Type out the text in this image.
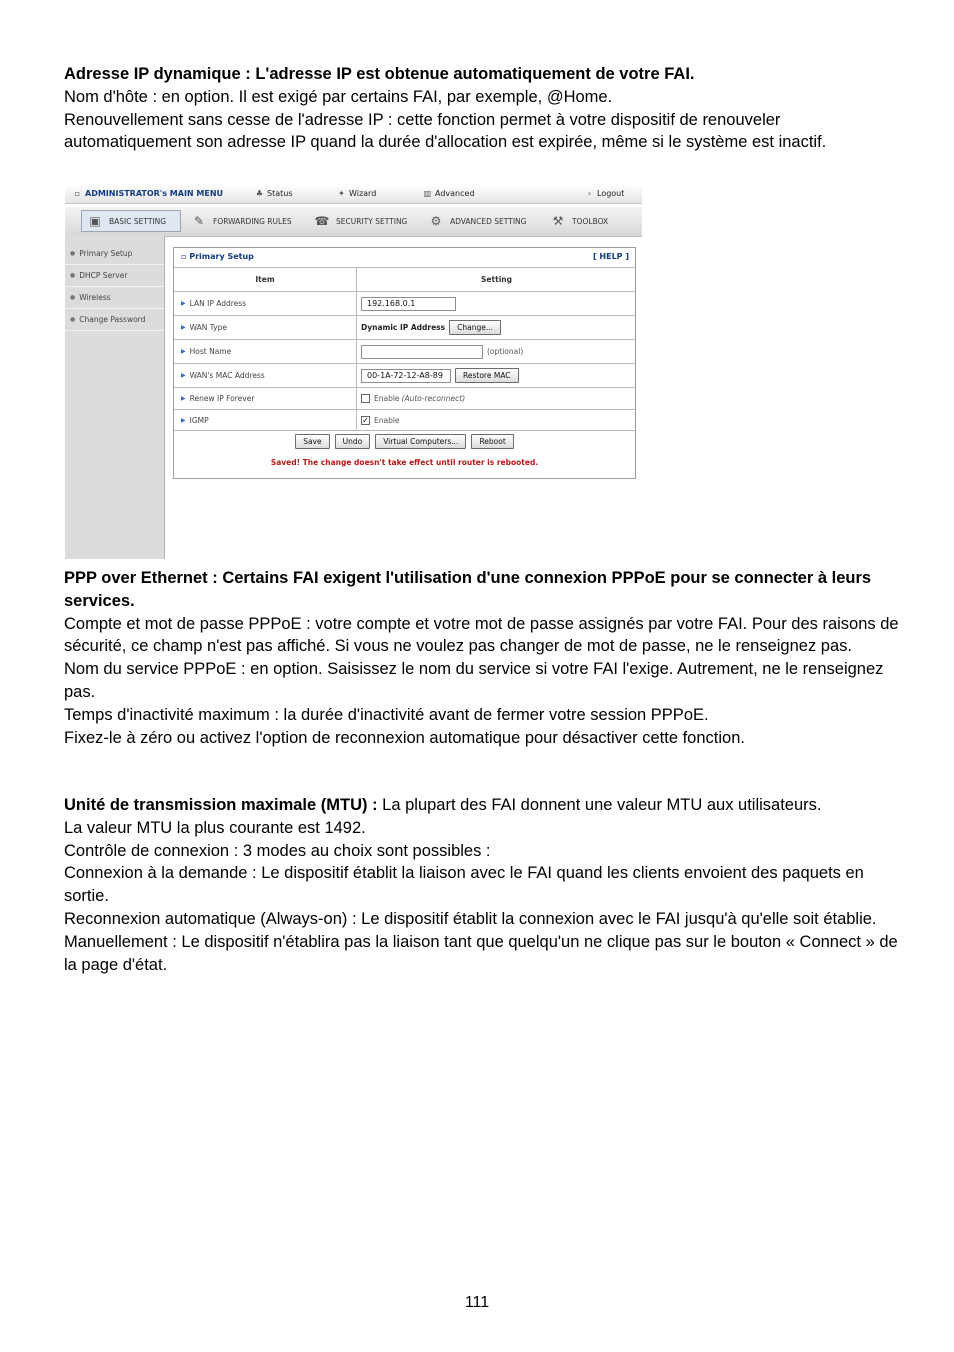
Adresse IP dynamique : L'adresse IP est obtenue automatiquement de votre FAI.

Nom d'hôte : en option. Il est exigé par certains FAI, par exemple, @Home.

Renouvellement sans cesse de l'adresse IP : cette fonction permet à votre dispositif de renouveler automatiquement son adresse IP quand la durée d'allocation est expirée, même si le système est inactif.

▫ ADMINISTRATOR's MAIN MENU	♣ Status	✦ Wizard	▥ Advanced	› Logout
▣	BASIC SETTING	✎	FORWARDING RULES ☎ SECURITY SETTING	⚙	ADVANCED SETTING	⚒	TOOLBOX
● Primary Setup
● DHCP Server
● Wireless
● Change Password
▫ Primary Setup	[ HELP ]
Item	Setting
▶ LAN IP Address	192.168.0.1
▶ WAN Type	Dynamic IP Address	Change...
▶ Host Name	(optional)
▶ WAN's MAC Address	00-1A-72-12-A8-89	Restore MAC
▶ Renew IP Forever	Enable (Auto-reconnect)
▶ IGMP	✓ Enable
Save	Undo	Virtual Computers...	Reboot
Saved! The change doesn't take effect until router is rebooted.

PPP over Ethernet : Certains FAI exigent l'utilisation d'une connexion PPPoE pour se connecter à leurs services.

Compte et mot de passe PPPoE : votre compte et votre mot de passe assignés par votre FAI. Pour des raisons de sécurité, ce champ n'est pas affiché. Si vous ne voulez pas changer de mot de passe, ne le renseignez pas.

Nom du service PPPoE : en option. Saisissez le nom du service si votre FAI l'exige. Autrement, ne le renseignez pas.

Temps d'inactivité maximum : la durée d'inactivité avant de fermer votre session PPPoE.

Fixez-le à zéro ou activez l'option de reconnexion automatique pour désactiver cette fonction.

Unité de transmission maximale (MTU) : La plupart des FAI donnent une valeur MTU aux utilisateurs.

La valeur MTU la plus courante est 1492.

Contrôle de connexion : 3 modes au choix sont possibles :

Connexion à la demande : Le dispositif établit la liaison avec le FAI quand les clients envoient des paquets en sortie.

Reconnexion automatique (Always-on) : Le dispositif établit la connexion avec le FAI jusqu'à qu'elle soit établie.

Manuellement : Le dispositif n'établira pas la liaison tant que quelqu'un ne clique pas sur le bouton « Connect » de la page d'état.

111
